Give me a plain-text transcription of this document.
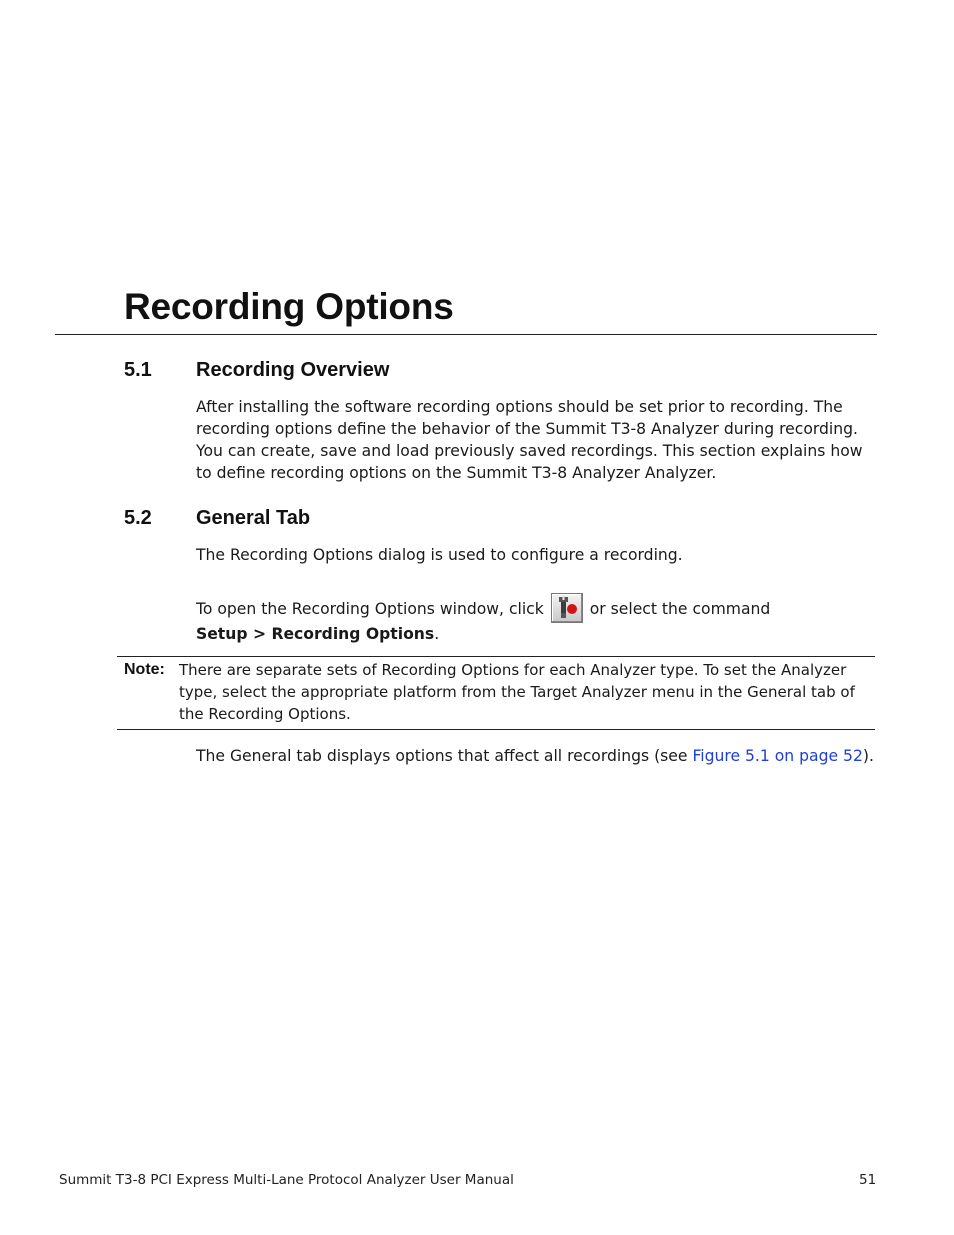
Recording Options
5.1 Recording Overview

After installing the software recording options should be set prior to recording. The recording options define the behavior of the Summit T3-8 Analyzer during recording. You can create, save and load previously saved recordings. This section explains how to define recording options on the Summit T3-8 Analyzer Analyzer.

5.2 General Tab

The Recording Options dialog is used to configure a recording.

To open the Recording Options window, click	or select the command
Setup > Recording Options.

Note: There are separate sets of Recording Options for each Analyzer type. To set the Analyzer type, select the appropriate platform from the Target Analyzer menu in the General tab of the Recording Options.

The General tab displays options that affect all recordings (see Figure 5.1 on page 52).

Summit T3-8 PCI Express Multi-Lane Protocol Analyzer User Manual	51
